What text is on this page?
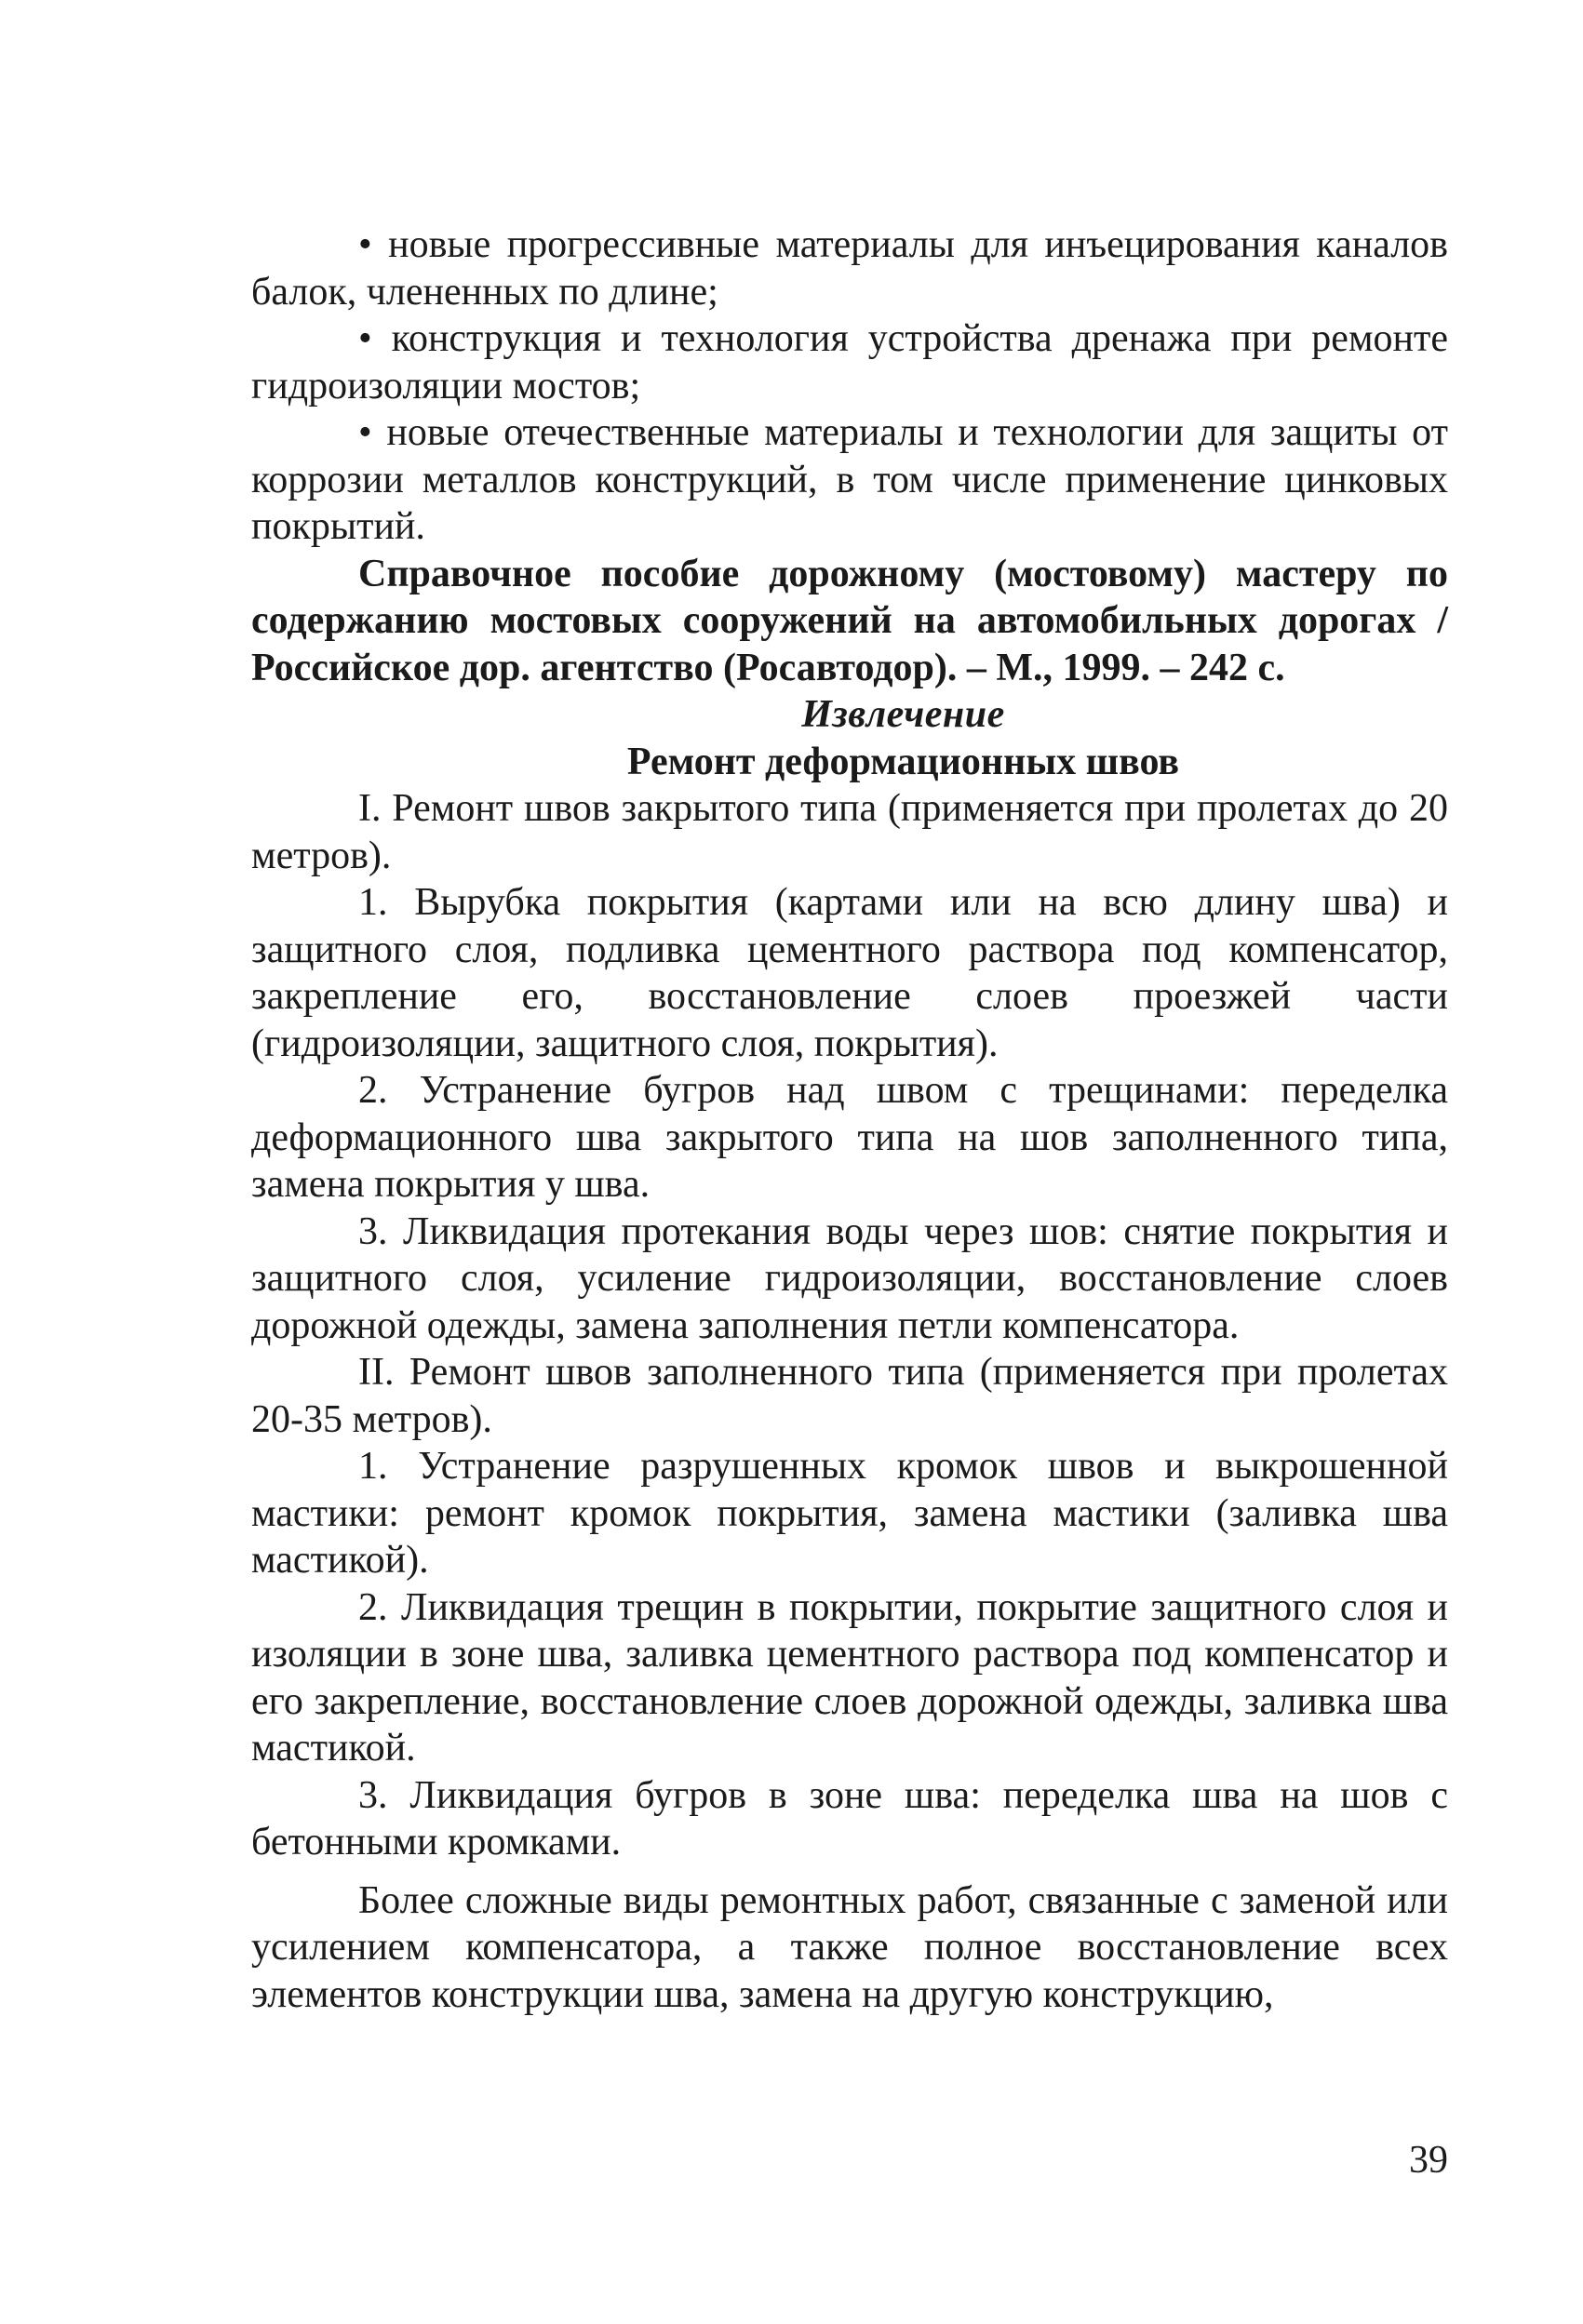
• новые прогрессивные материалы для инъецирования каналов балок, члененных по длине;

• конструкция и технология устройства дренажа при ремонте гидроизоляции мостов;

• новые отечественные материалы и технологии для защиты от коррозии металлов конструкций, в том числе применение цинковых покрытий.

Справочное пособие дорожному (мостовому) мастеру по содержанию мостовых сооружений на автомобильных дорогах / Российское дор. агентство (Росавтодор). – М., 1999. – 242 с.

Извлечение

Ремонт деформационных швов

I. Ремонт швов закрытого типа (применяется при пролетах до 20 метров).

1. Вырубка покрытия (картами или на всю длину шва) и защитного слоя, подливка цементного раствора под компенсатор, закрепление его, восстановление слоев проезжей части (гидроизоляции, защитного слоя, покрытия).

2. Устранение бугров над швом с трещинами: переделка деформационного шва закрытого типа на шов заполненного типа, замена покрытия у шва.

3. Ликвидация протекания воды через шов: снятие покрытия и защитного слоя, усиление гидроизоляции, восстановление слоев дорожной одежды, замена заполнения петли компенсатора.

II. Ремонт швов заполненного типа (применяется при пролетах 20-35 метров).

1. Устранение разрушенных кромок швов и выкрошенной мастики: ремонт кромок покрытия, замена мастики (заливка шва мастикой).

2. Ликвидация трещин в покрытии, покрытие защитного слоя и изоляции в зоне шва, заливка цементного раствора под компенсатор и его закрепление, восстановление слоев дорожной одежды, заливка шва мастикой.

3. Ликвидация бугров в зоне шва: переделка шва на шов с бетонными кромками.

Более сложные виды ремонтных работ, связанные с заменой или усилением компенсатора, а также полное восстановление всех элементов конструкции шва, замена на другую конструкцию,

39
